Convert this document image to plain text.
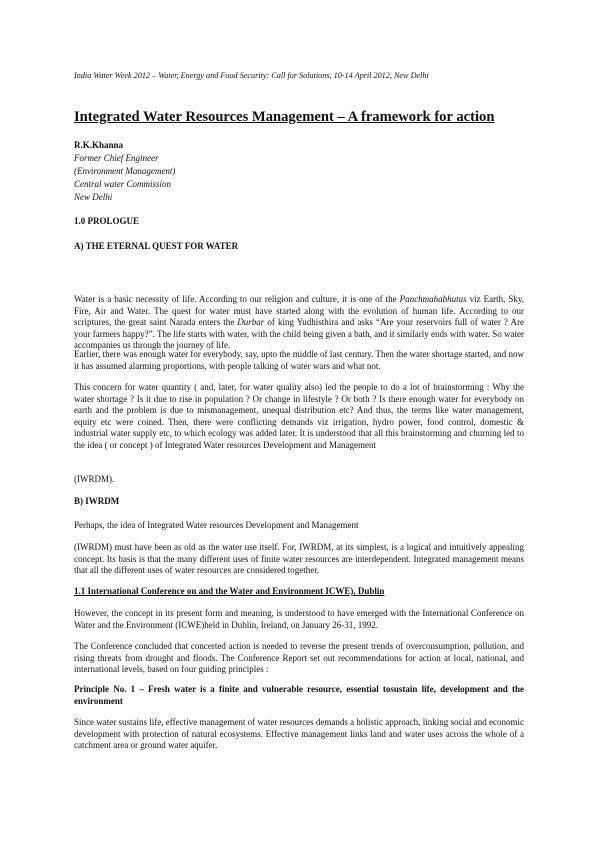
India Water Week 2012 – Water, Energy and Food Security: Call for Solutions, 10-14 April 2012, New Delhi
Integrated Water Resources Management – A framework for action
R.K.Khanna
Former Chief Engineer
(Environment Management)
Central water Commission
New Delhi
1.0 PROLOGUE
A) THE ETERNAL QUEST FOR WATER
Water is a basic necessity of life. According to our religion and culture, it is one of the Panchmahabhutas viz Earth, Sky, Fire, Air and Water. The quest for water must have started along with the evolution of human life. According to our scriptures, the great saint Narada enters the Durbar of king Yudhisthira and asks “Are your reservoirs full of water ? Are your farmers happy?”. The life starts with water, with the child being given a bath, and it similarly ends with water. So water accompanies us through the journey of life.
Earlier, there was enough water for everybody, say, upto the middle of last century. Then the water shortage started, and now it has assumed alarming proportions, with people talking of water wars and what not.
This concern for water quantity ( and, later, for water quality also) led the people to do a lot of brainstorming : Why the water shortage ? Is it due to rise in population ? Or change in lifestyle ? Or both ? Is there enough water for everybody on earth and the problem is due to mismanagement, unequal distribution etc? And thus, the terms like water management, equity etc were coined. Then, there were conflicting demands viz irrigation, hydro power, food control, domestic & industrial water supply etc, to which ecology was added later. It is understood that all this brainstorming and churning led to the idea ( or concept ) of Integrated Water resources Development and Management
(IWRDM).
B) IWRDM
Perhaps, the idea of Integrated Water resources Development and Management
(IWRDM) must have been as old as the water use itself. For, IWRDM, at its simplest, is a logical and intuitively appealing concept. Its basis is that the many different uses of finite water resources are interdependent. Integrated management means that all the different uses of water resources are considered together.
1.1 International Conference on and the Water and Environment ICWE), Dublin
However, the concept in its present form and meaning, is understood to have emerged with the International Conference on Water and the Environment (ICWE)held in Dublin, Ireland, on January 26-31, 1992.
The Conference concluded that concerted action is needed to reverse the present trends of overconsumption, pollution, and rising threats from drought and floods. The Conference Report set out recommendations for action at local, national, and international levels, based on four guiding principles :
Principle No. 1 – Fresh water is a finite and vulnerable resource, essential tosustain life, development and the environment
Since water sustains life, effective management of water resources demands a holistic approach, linking social and economic development with protection of natural ecosystems. Effective management links land and water uses across the whole of a catchment area or ground water aquifer.
